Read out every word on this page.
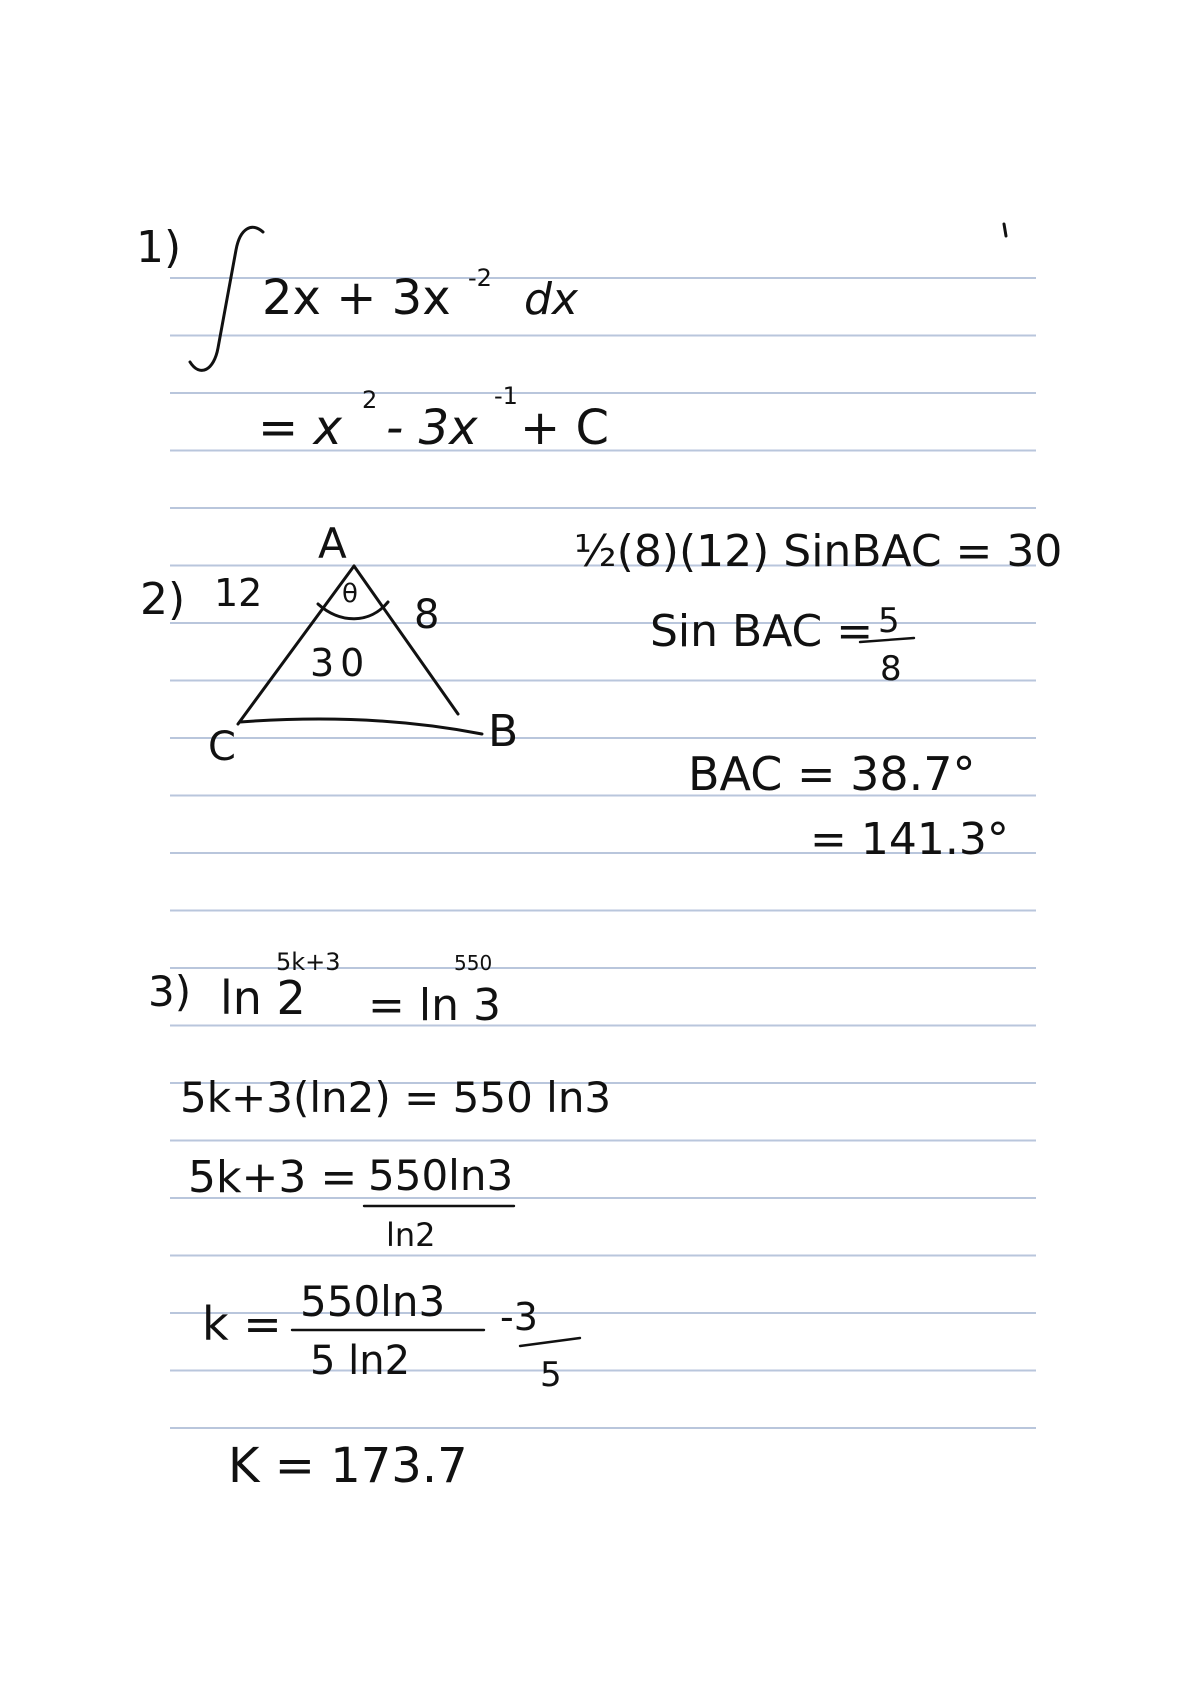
1)
2x + 3x -2 dx
= x 2 - 3x
-1
+ C
2)
A
B
C
12	8
θ
30
½(8)(12) SinBAC = 30
Sin BAC = 5
8
BAC = 38.7°
= 141.3°
3) ln 2
5k+3
= ln 3
550
5k+3(ln2) = 550 ln3
5k+3 = 550ln3
ln2
k = 550ln3
5 ln2
-3
5
K = 173.7
